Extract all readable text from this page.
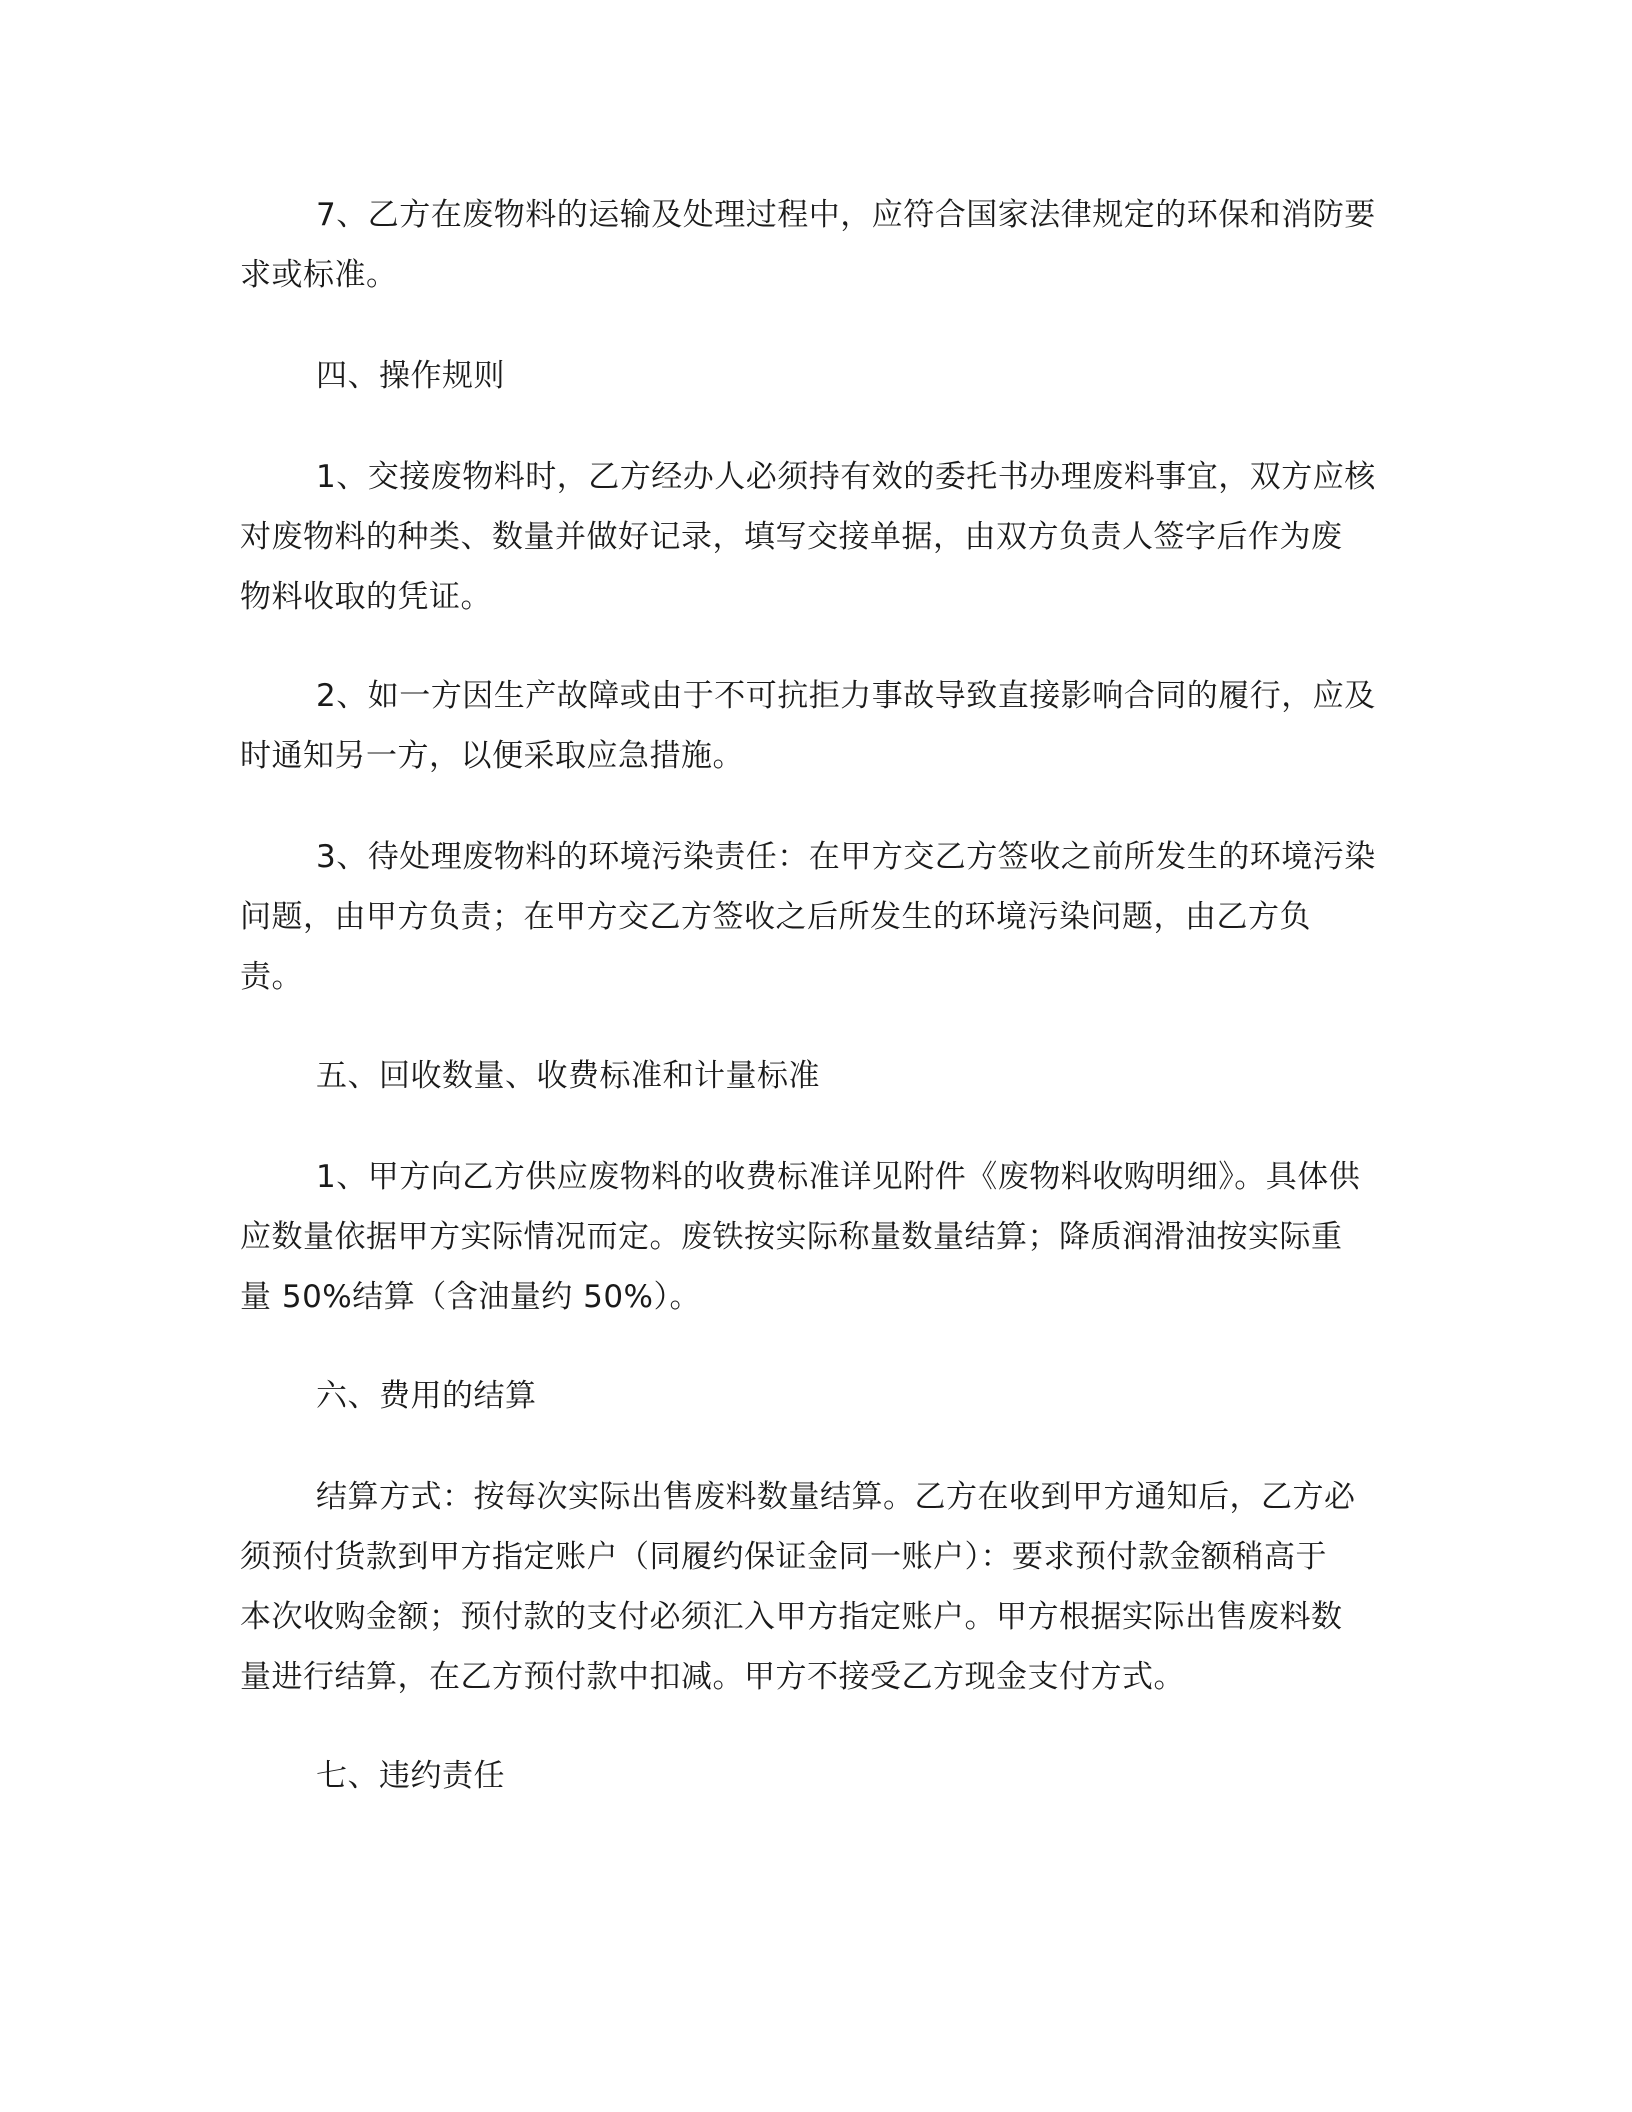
7、乙方在废物料的运输及处理过程中，应符合国家法律规定的环保和消防要
求或标准。
四、操作规则
1、交接废物料时，乙方经办人必须持有效的委托书办理废料事宜，双方应核
对废物料的种类、数量并做好记录，填写交接单据，由双方负责人签字后作为废
物料收取的凭证。
2、如一方因生产故障或由于不可抗拒力事故导致直接影响合同的履行，应及
时通知另一方，以便采取应急措施。
3、待处理废物料的环境污染责任：在甲方交乙方签收之前所发生的环境污染
问题，由甲方负责；在甲方交乙方签收之后所发生的环境污染问题，由乙方负
责。
五、回收数量、收费标准和计量标准
1、甲方向乙方供应废物料的收费标准详见附件《废物料收购明细》。具体供
应数量依据甲方实际情况而定。废铁按实际称量数量结算；降质润滑油按实际重
量 50%结算（含油量约 50%）。
六、费用的结算
结算方式：按每次实际出售废料数量结算。乙方在收到甲方通知后，乙方必
须预付货款到甲方指定账户（同履约保证金同一账户）：要求预付款金额稍高于
本次收购金额；预付款的支付必须汇入甲方指定账户。甲方根据实际出售废料数
量进行结算，在乙方预付款中扣减。甲方不接受乙方现金支付方式。
七、违约责任
